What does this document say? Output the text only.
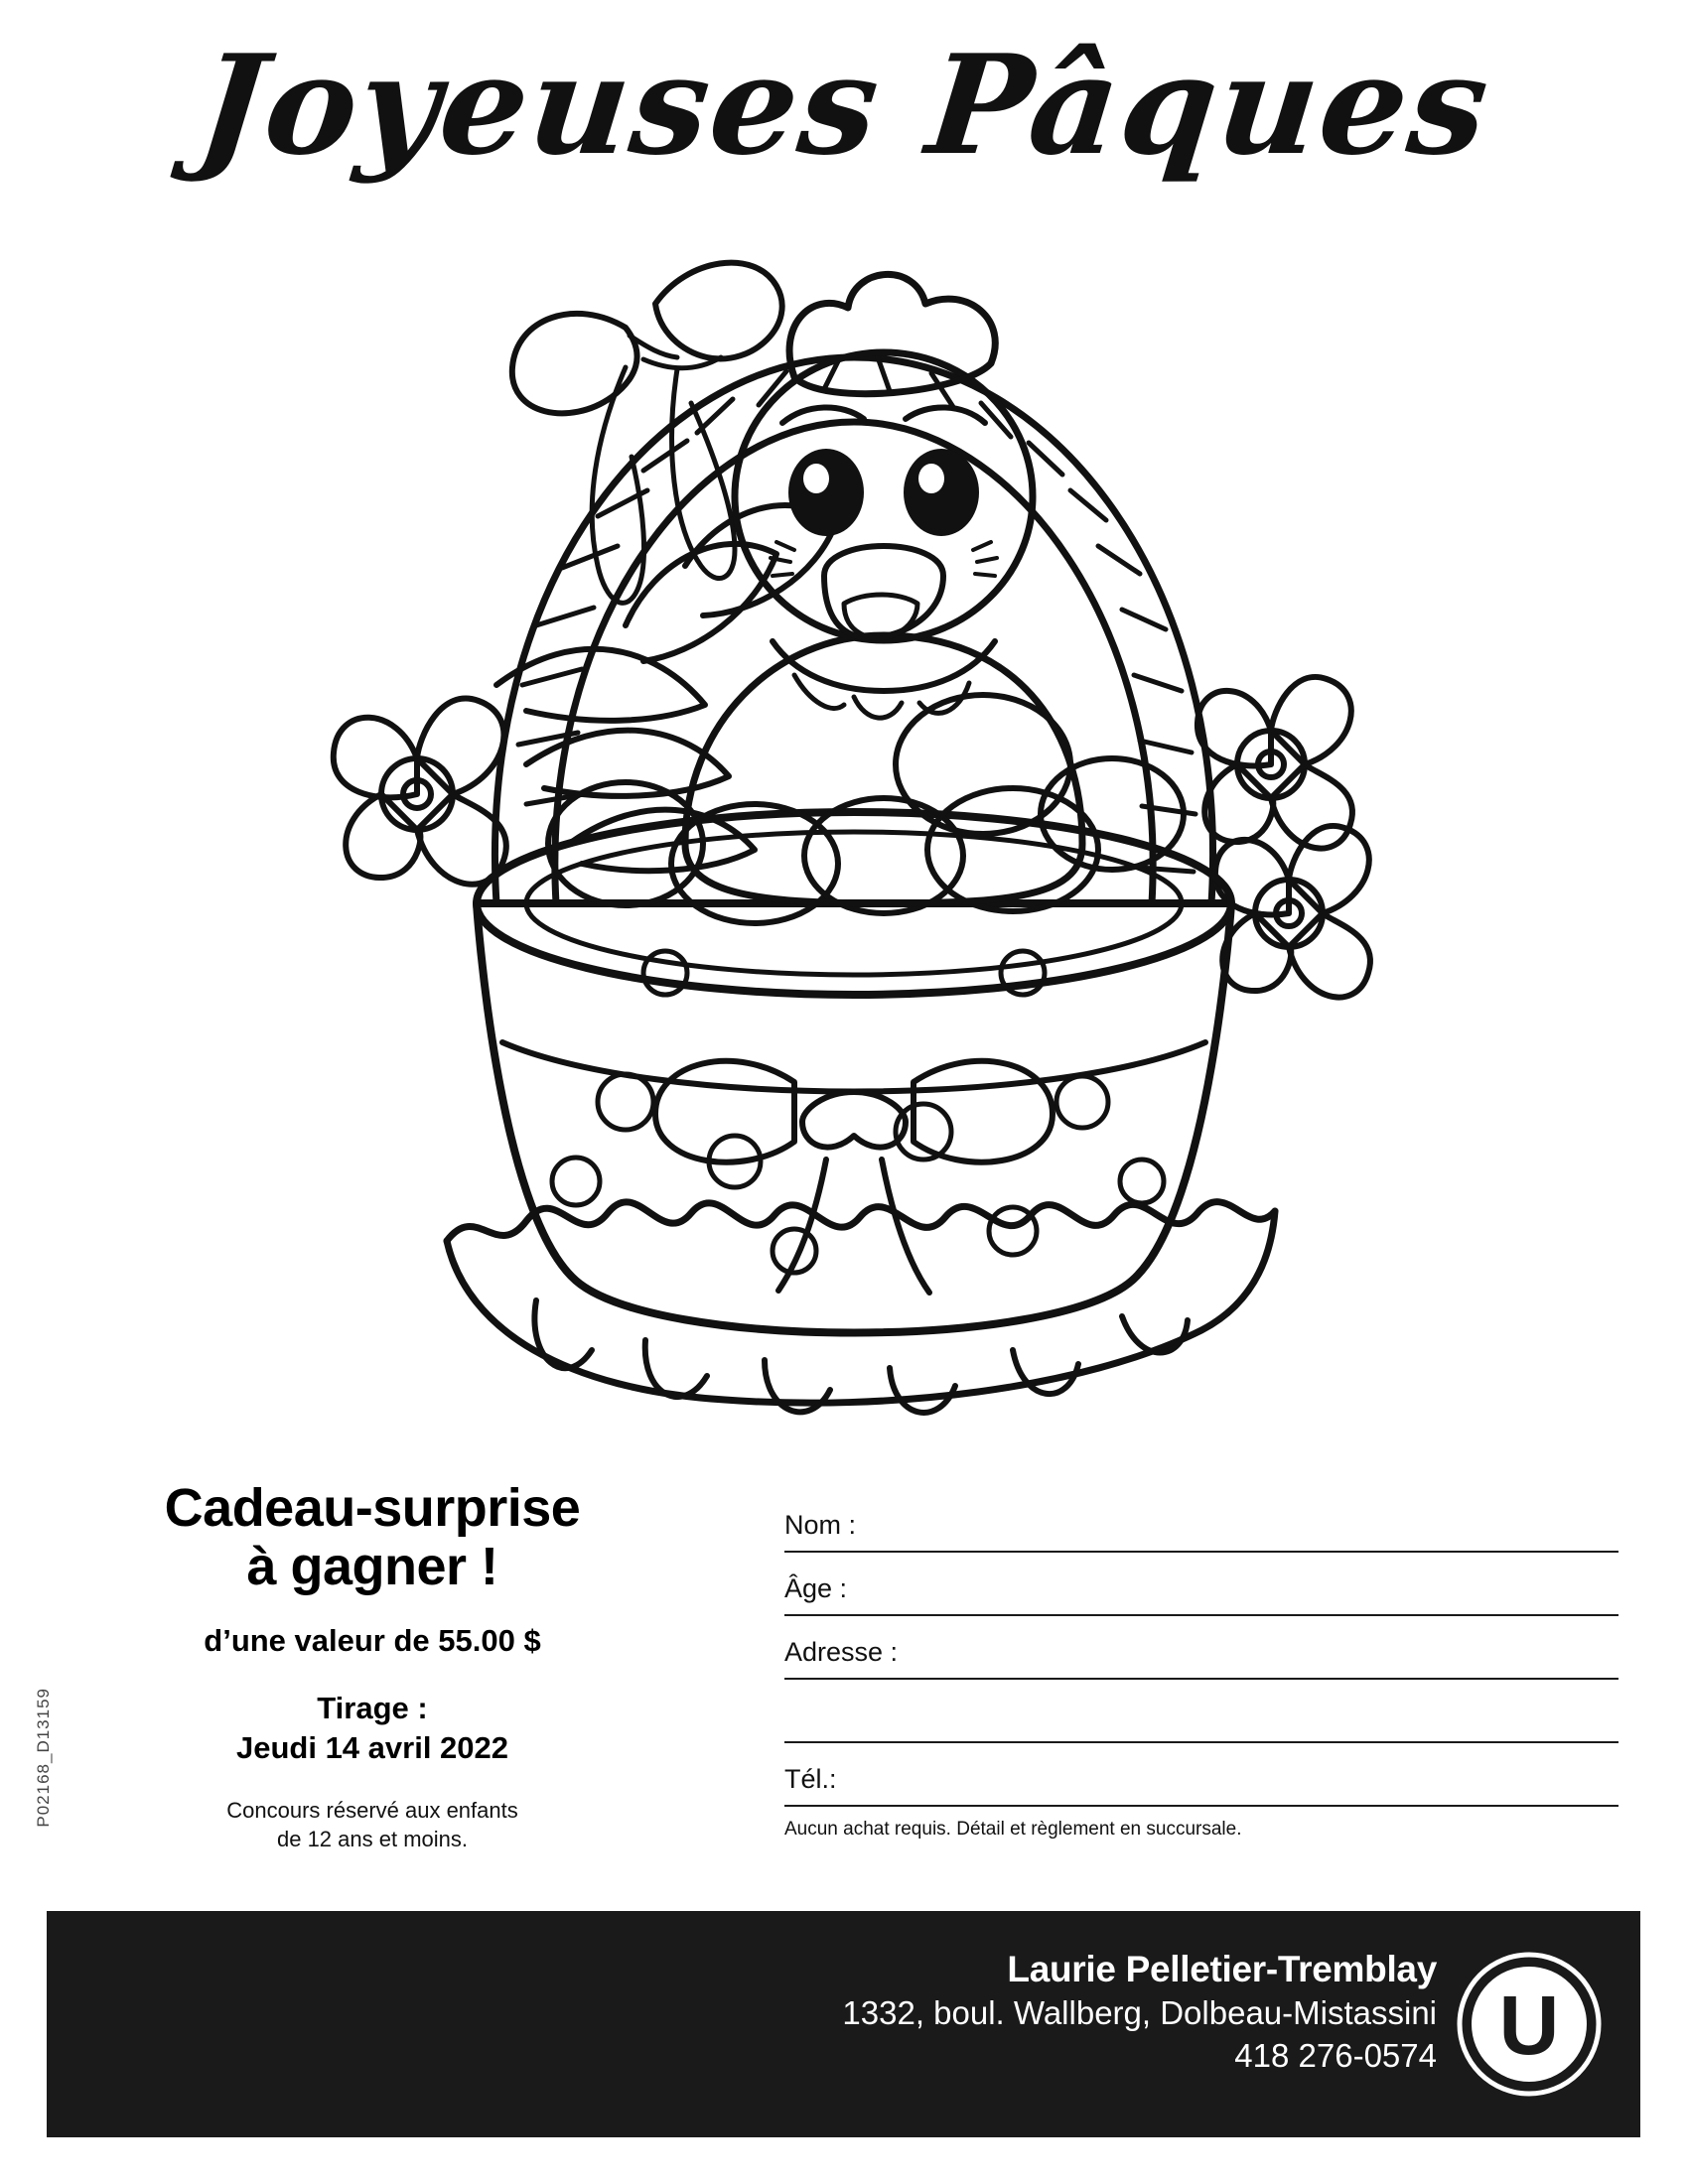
Joyeuses Pâques
P02168_D13159
Cadeau-surprise
à gagner !
d’une valeur de 55.00 $
Tirage :
Jeudi 14 avril 2022
Concours réservé aux enfants
de 12 ans et moins.
Nom :
Âge :
Adresse :
Tél.:
Aucun achat requis. Détail et règlement en succursale.
Laurie Pelletier-Tremblay
1332, boul. Wallberg, Dolbeau-Mistassini
418 276-0574 U
